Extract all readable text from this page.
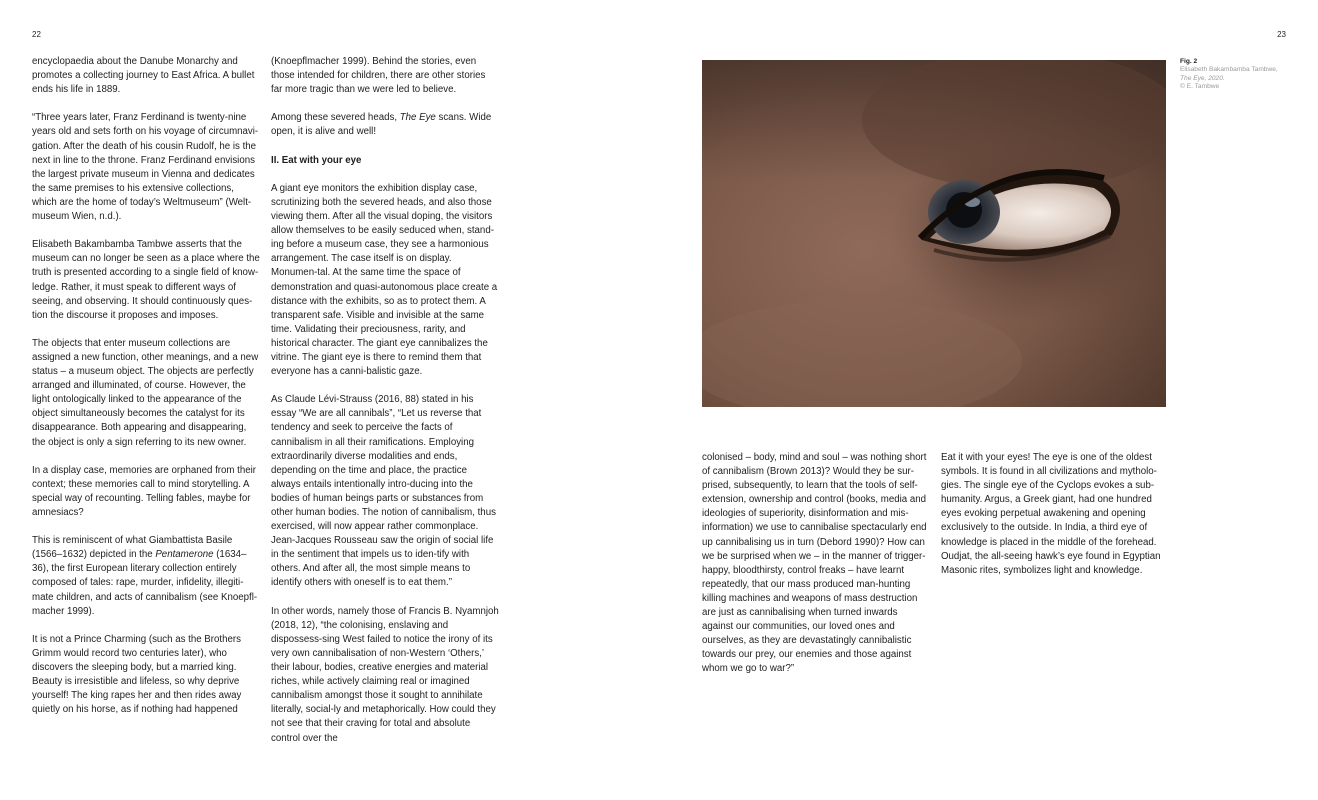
22	23

encyclopaedia about the Danube Monarchy and promotes a collecting journey to East Africa. A bullet ends his life in 1889.

“Three years later, Franz Ferdinand is twenty-nine years old and sets forth on his voyage of circumnavi-gation. After the death of his cousin Rudolf, he is the next in line to the throne. Franz Ferdinand envisions the largest private museum in Vienna and dedicates the same premises to his extensive collections, which are the home of today’s Weltmuseum” (Welt-museum Wien, n.d.).

Elisabeth Bakambamba Tambwe asserts that the museum can no longer be seen as a place where the truth is presented according to a single field of know-ledge. Rather, it must speak to different ways of seeing, and observing. It should continuously ques-tion the discourse it proposes and imposes.

The objects that enter museum collections are assigned a new function, other meanings, and a new status – a museum object. The objects are perfectly arranged and illuminated, of course. However, the light ontologically linked to the appearance of the object simultaneously becomes the catalyst for its disappearance. Both appearing and disappearing, the object is only a sign referring to its new owner.

In a display case, memories are orphaned from their context; these memories call to mind storytelling. A special way of recounting. Telling fables, maybe for amnesiacs?

This is reminiscent of what Giambattista Basile (1566–1632) depicted in the Pentamerone (1634–36), the first European literary collection entirely composed of tales: rape, murder, infidelity, illegiti-mate children, and acts of cannibalism (see Knoepfl-macher 1999).

It is not a Prince Charming (such as the Brothers Grimm would record two centuries later), who discovers the sleeping body, but a married king. Beauty is irresistible and lifeless, so why deprive yourself! The king rapes her and then rides away quietly on his horse, as if nothing had happened

(Knoepflmacher 1999). Behind the stories, even those intended for children, there are other stories far more tragic than we were led to believe.

Among these severed heads, The Eye scans. Wide open, it is alive and well!

II. Eat with your eye

A giant eye monitors the exhibition display case, scrutinizing both the severed heads, and also those viewing them. After all the visual doping, the visitors allow themselves to be easily seduced when, stand-ing before a museum case, they see a harmonious arrangement. The case itself is on display. Monumen-tal. At the same time the space of demonstration and quasi-autonomous place create a distance with the exhibits, so as to protect them. A transparent safe. Visible and invisible at the same time. Validating their preciousness, rarity, and historical character. The giant eye cannibalizes the vitrine. The giant eye is there to remind them that everyone has a canni-balistic gaze.

As Claude Lévi-Strauss (2016, 88) stated in his essay “We are all cannibals”, “Let us reverse that tendency and seek to perceive the facts of cannibalism in all their ramifications. Employing extraordinarily diverse modalities and ends, depending on the time and place, the practice always entails intentionally intro-ducing into the bodies of human beings parts or substances from other human bodies. The notion of cannibalism, thus exercised, will now appear rather commonplace. Jean-Jacques Rousseau saw the origin of social life in the sentiment that impels us to iden-tify with others. And after all, the most simple means to identify others with oneself is to eat them.”

In other words, namely those of Francis B. Nyamnjoh (2018, 12), “the colonising, enslaving and dispossess-sing West failed to notice the irony of its very own cannibalisation of non-Western ‘Others,’ their labour, bodies, creative energies and material riches, while actively claiming real or imagined cannibalism amongst those it sought to annihilate literally, social-ly and metaphorically. How could they not see that their craving for total and absolute control over the

Fig. 2
Elisabeth Bakambamba Tambwe,
The Eye, 2020.
© E. Tambwe

colonised – body, mind and soul – was nothing short of cannibalism (Brown 2013)? Would they be sur-prised, subsequently, to learn that the tools of self-extension, ownership and control (books, media and ideologies of superiority, disinformation and mis-information) we use to cannibalise spectacularly end up cannibalising us in turn (Debord 1990)? How can we be surprised when we – in the manner of trigger-happy, bloodthirsty, control freaks – have learnt repeatedly, that our mass produced man-hunting killing machines and weapons of mass destruction are just as cannibalising when turned inwards against our communities, our loved ones and ourselves, as they are devastatingly cannibalistic towards our prey, our enemies and those against whom we go to war?”

Eat it with your eyes! The eye is one of the oldest symbols. It is found in all civilizations and mytholo-gies. The single eye of the Cyclops evokes a sub-humanity. Argus, a Greek giant, had one hundred eyes evoking perpetual awakening and opening exclusively to the outside. In India, a third eye of knowledge is placed in the middle of the forehead. Oudjat, the all-seeing hawk’s eye found in Egyptian Masonic rites, symbolizes light and knowledge.
